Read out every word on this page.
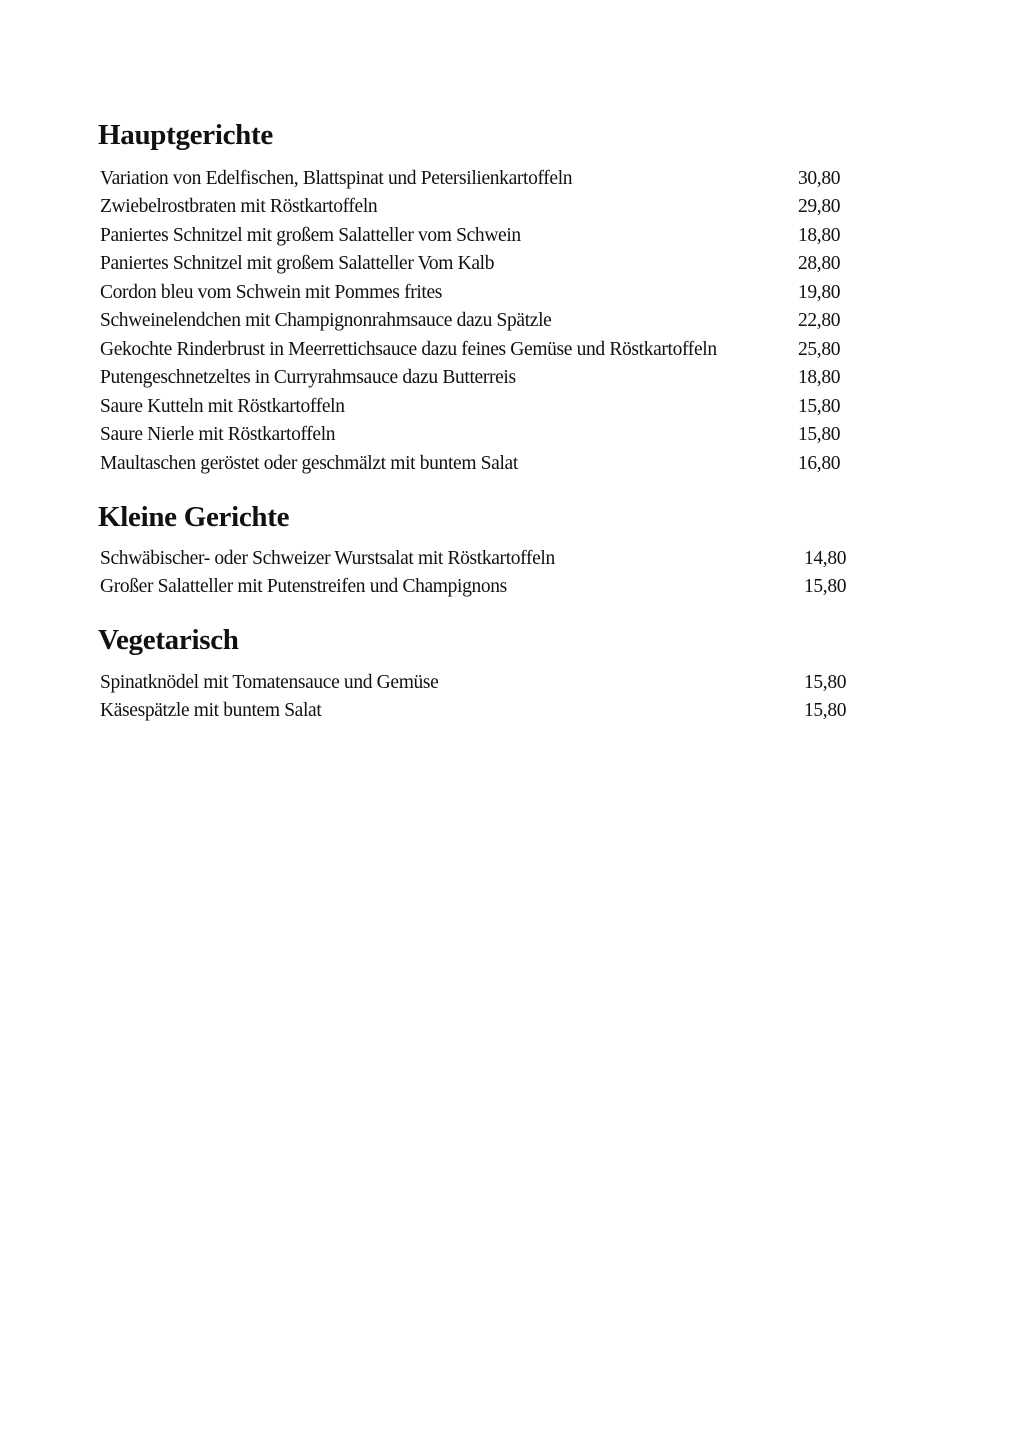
Hauptgerichte
Variation von Edelfischen, Blattspinat und Petersilienkartoffeln	30,80
Zwiebelrostbraten mit Röstkartoffeln	29,80
Paniertes Schnitzel mit großem Salatteller vom Schwein	18,80
Paniertes Schnitzel mit großem Salatteller Vom Kalb	28,80
Cordon bleu vom Schwein mit Pommes frites	19,80
Schweinelendchen mit Champignonrahmsauce dazu Spätzle	22,80
Gekochte Rinderbrust in Meerrettichsauce dazu feines Gemüse und Röstkartoffeln	25,80
Putengeschnetzeltes in Curryrahmsauce dazu Butterreis	18,80
Saure Kutteln mit Röstkartoffeln	15,80
Saure Nierle mit Röstkartoffeln	15,80
Maultaschen geröstet oder geschmälzt mit buntem Salat	16,80
Kleine Gerichte
Schwäbischer- oder Schweizer Wurstsalat mit Röstkartoffeln	14,80
Großer Salatteller mit Putenstreifen und Champignons	15,80
Vegetarisch
Spinatknödel mit Tomatensauce und Gemüse	15,80
Käsespätzle mit buntem Salat	15,80
